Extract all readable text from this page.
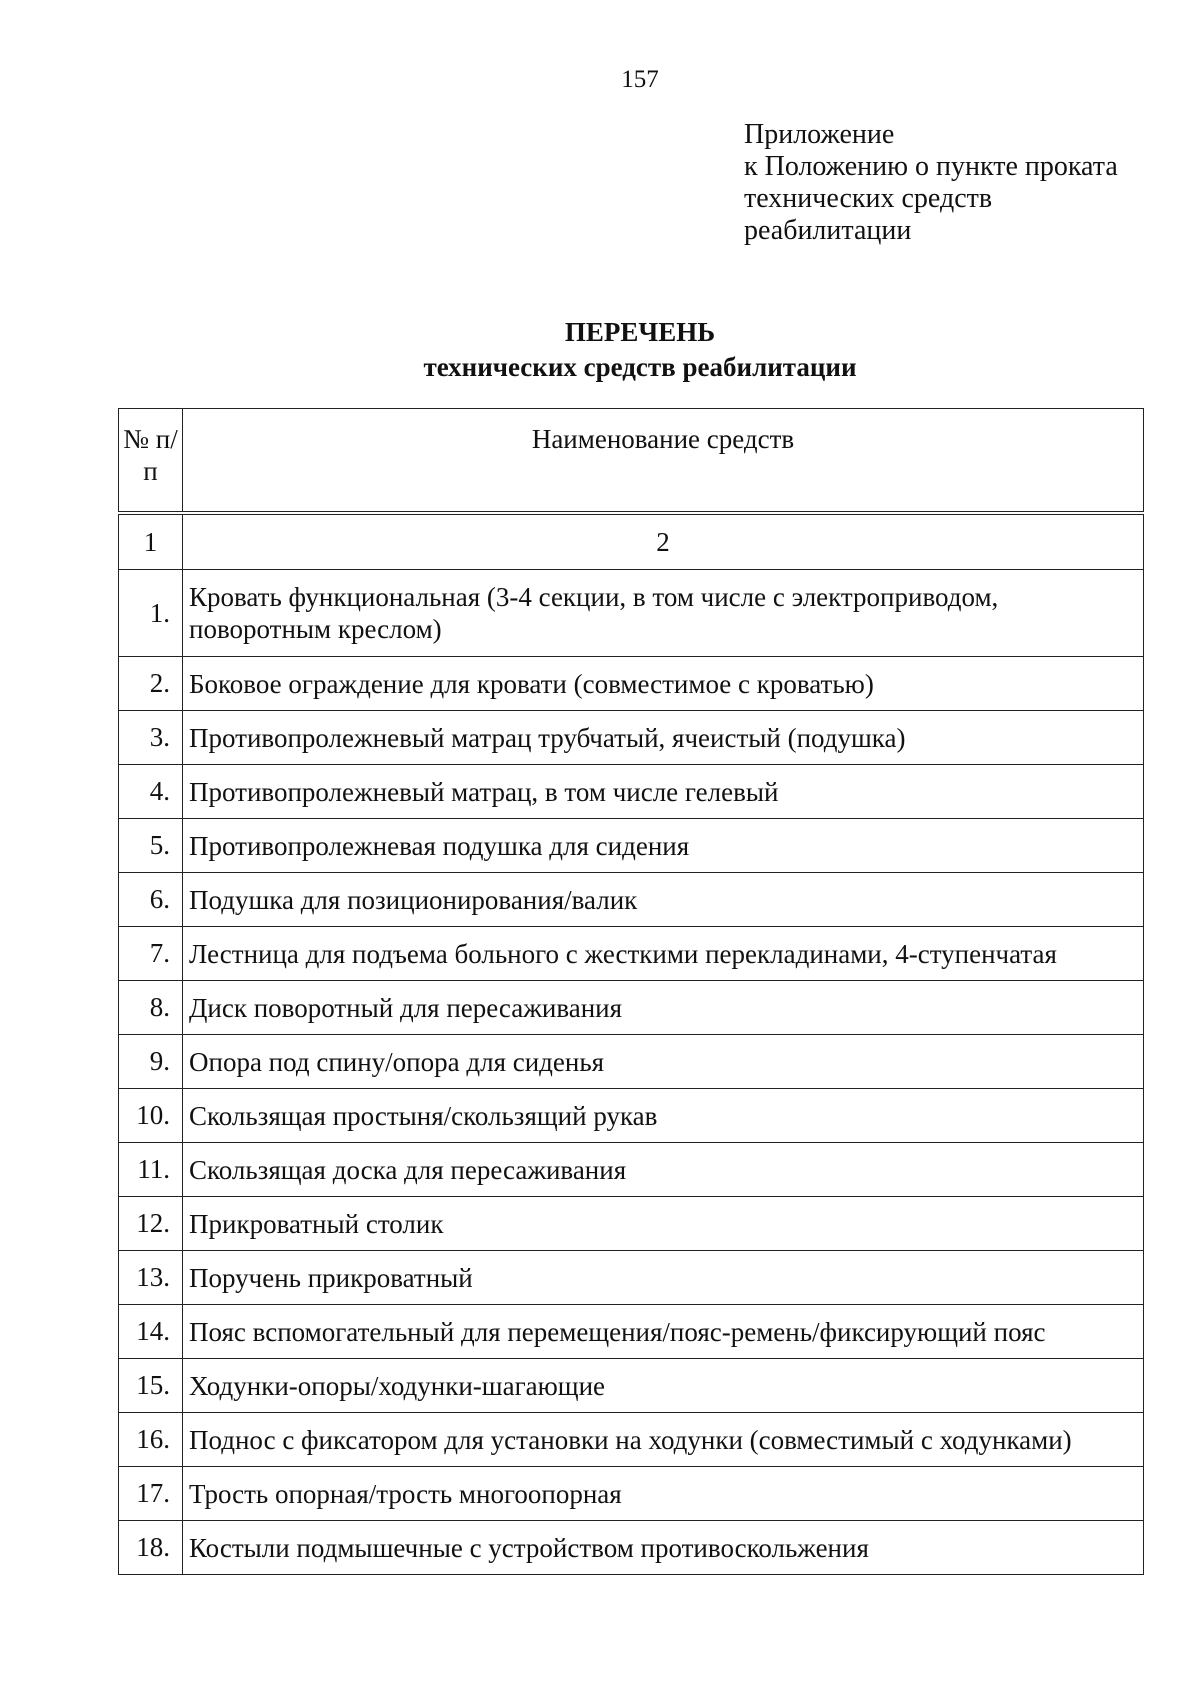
157
Приложение
к Положению о пункте проката
технических средств
реабилитации
ПЕРЕЧЕНЬ
технических средств реабилитации
№ п/п	Наименование средств
1	2
1.	Кровать функциональная (3-4 секции, в том числе с электроприводом, поворотным креслом)
2.	Боковое ограждение для кровати (совместимое с кроватью)
3.	Противопролежневый матрац трубчатый, ячеистый (подушка)
4.	Противопролежневый матрац, в том числе гелевый
5.	Противопролежневая подушка для сидения
6.	Подушка для позиционирования/валик
7.	Лестница для подъема больного с жесткими перекладинами, 4-ступенчатая
8.	Диск поворотный для пересаживания
9.	Опора под спину/опора для сиденья
10.	Скользящая простыня/скользящий рукав
11.	Скользящая доска для пересаживания
12.	Прикроватный столик
13.	Поручень прикроватный
14.	Пояс вспомогательный для перемещения/пояс-ремень/фиксирующий пояс
15.	Ходунки-опоры/ходунки-шагающие
16.	Поднос с фиксатором для установки на ходунки (совместимый с ходунками)
17.	Трость опорная/трость многоопорная
18.	Костыли подмышечные с устройством противоскольжения
